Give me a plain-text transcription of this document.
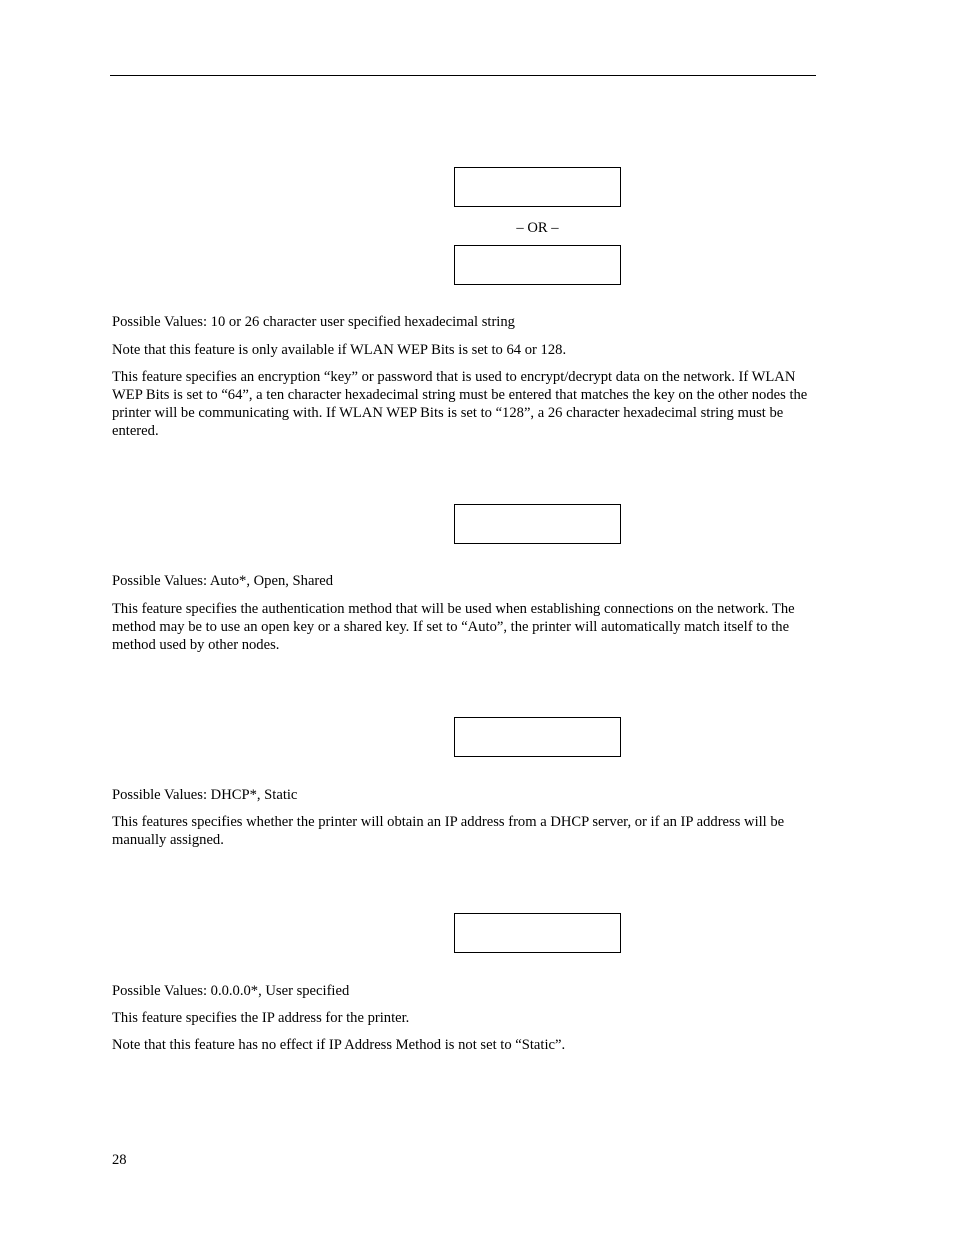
– OR –

Possible Values: 10 or 26 character user specified hexadecimal string

Note that this feature is only available if WLAN WEP Bits is set to 64 or 128.

This feature specifies an encryption “key” or password that is used to encrypt/decrypt data on the network. If WLAN WEP Bits is set to “64”, a ten character hexadecimal string must be entered that matches the key on the other nodes the printer will be communicating with. If WLAN WEP Bits is set to “128”, a 26 character hexadecimal string must be entered.

Possible Values: Auto*, Open, Shared

This feature specifies the authentication method that will be used when establishing connections on the network. The method may be to use an open key or a shared key. If set to “Auto”, the printer will automatically match itself to the method used by other nodes.

Possible Values: DHCP*, Static

This features specifies whether the printer will obtain an IP address from a DHCP server, or if an IP address will be manually assigned.

Possible Values: 0.0.0.0*, User specified

This feature specifies the IP address for the printer.

Note that this feature has no effect if IP Address Method is not set to “Static”.

28
